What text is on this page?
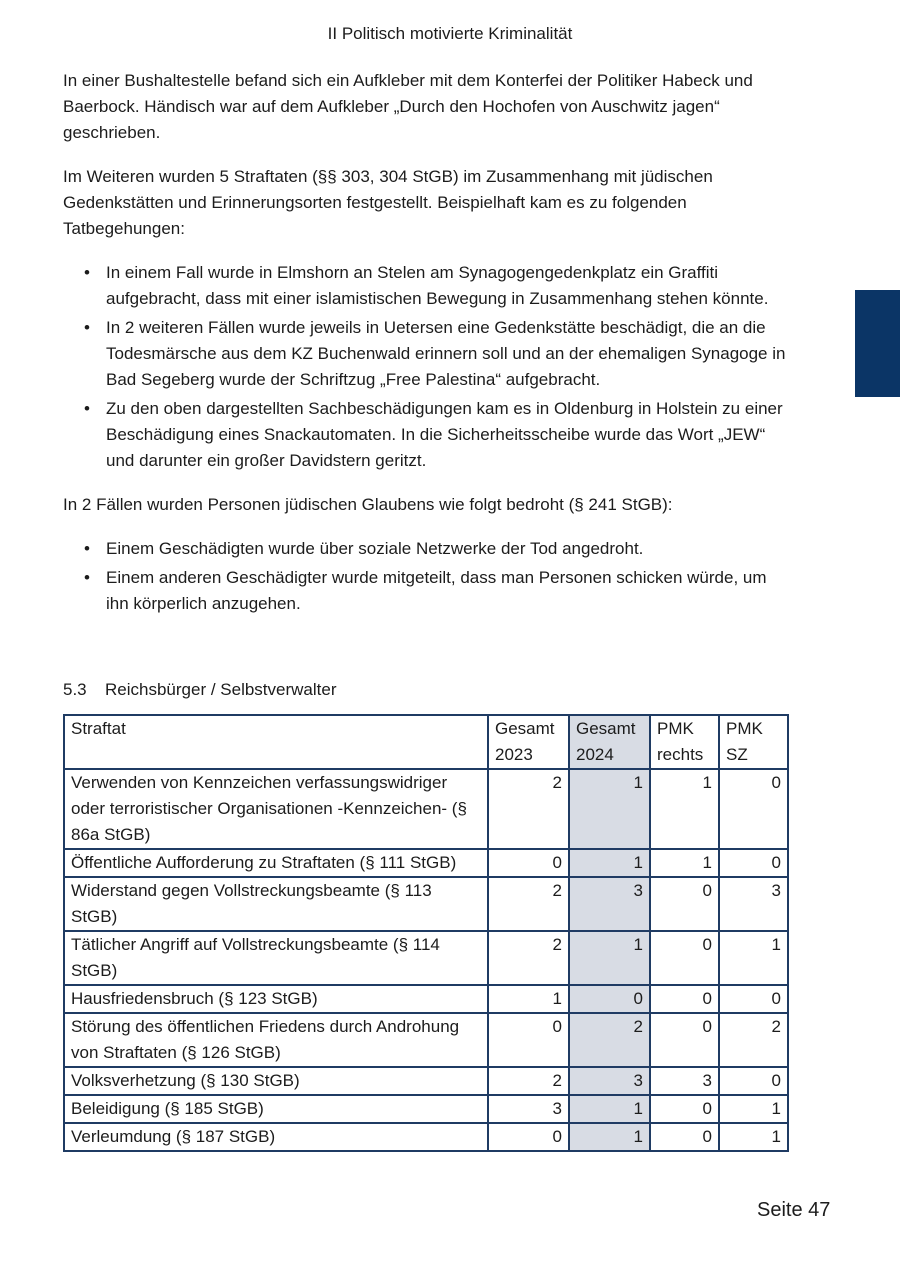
II Politisch motivierte Kriminalität

In einer Bushaltestelle befand sich ein Aufkleber mit dem Konterfei der Politiker Habeck und Baerbock. Händisch war auf dem Aufkleber „Durch den Hochofen von Auschwitz jagen“ geschrieben.

Im Weiteren wurden 5 Straftaten (§§ 303, 304 StGB) im Zusammenhang mit jüdischen Gedenkstätten und Erinnerungsorten festgestellt. Beispielhaft kam es zu folgenden Tatbegehungen:

• In einem Fall wurde in Elmshorn an Stelen am Synagogengedenkplatz ein Graffiti aufgebracht, dass mit einer islamistischen Bewegung in Zusammenhang stehen könnte.
• In 2 weiteren Fällen wurde jeweils in Uetersen eine Gedenkstätte beschädigt, die an die Todesmärsche aus dem KZ Buchenwald erinnern soll und an der ehemaligen Synagoge in Bad Segeberg wurde der Schriftzug „Free Palestina“ aufgebracht.
• Zu den oben dargestellten Sachbeschädigungen kam es in Oldenburg in Holstein zu einer Beschädigung eines Snackautomaten. In die Sicherheitsscheibe wurde das Wort „JEW“ und darunter ein großer Davidstern geritzt.

In 2 Fällen wurden Personen jüdischen Glaubens wie folgt bedroht (§ 241 StGB):

• Einem Geschädigten wurde über soziale Netzwerke der Tod angedroht.
• Einem anderen Geschädigter wurde mitgeteilt, dass man Personen schicken würde, um ihn körperlich anzugehen.
5.3 Reichsbürger / Selbstverwalter
Straftat	Gesamt 2023	Gesamt 2024	PMK rechts	PMK SZ
Verwenden von Kennzeichen verfassungswidriger oder terroristischer Organisationen -Kennzeichen- (§ 86a StGB)	2	1	1	0
Öffentliche Aufforderung zu Straftaten (§ 111 StGB)	0	1	1	0
Widerstand gegen Vollstreckungsbeamte (§ 113 StGB)	2	3	0	3
Tätlicher Angriff auf Vollstreckungsbeamte (§ 114 StGB)	2	1	0	1
Hausfriedensbruch (§ 123 StGB)	1	0	0	0
Störung des öffentlichen Friedens durch Androhung von Straftaten (§ 126 StGB)	0	2	0	2
Volksverhetzung (§ 130 StGB)	2	3	3	0
Beleidigung (§ 185 StGB)	3	1	0	1
Verleumdung (§ 187 StGB)	0	1	0	1
Seite 47
